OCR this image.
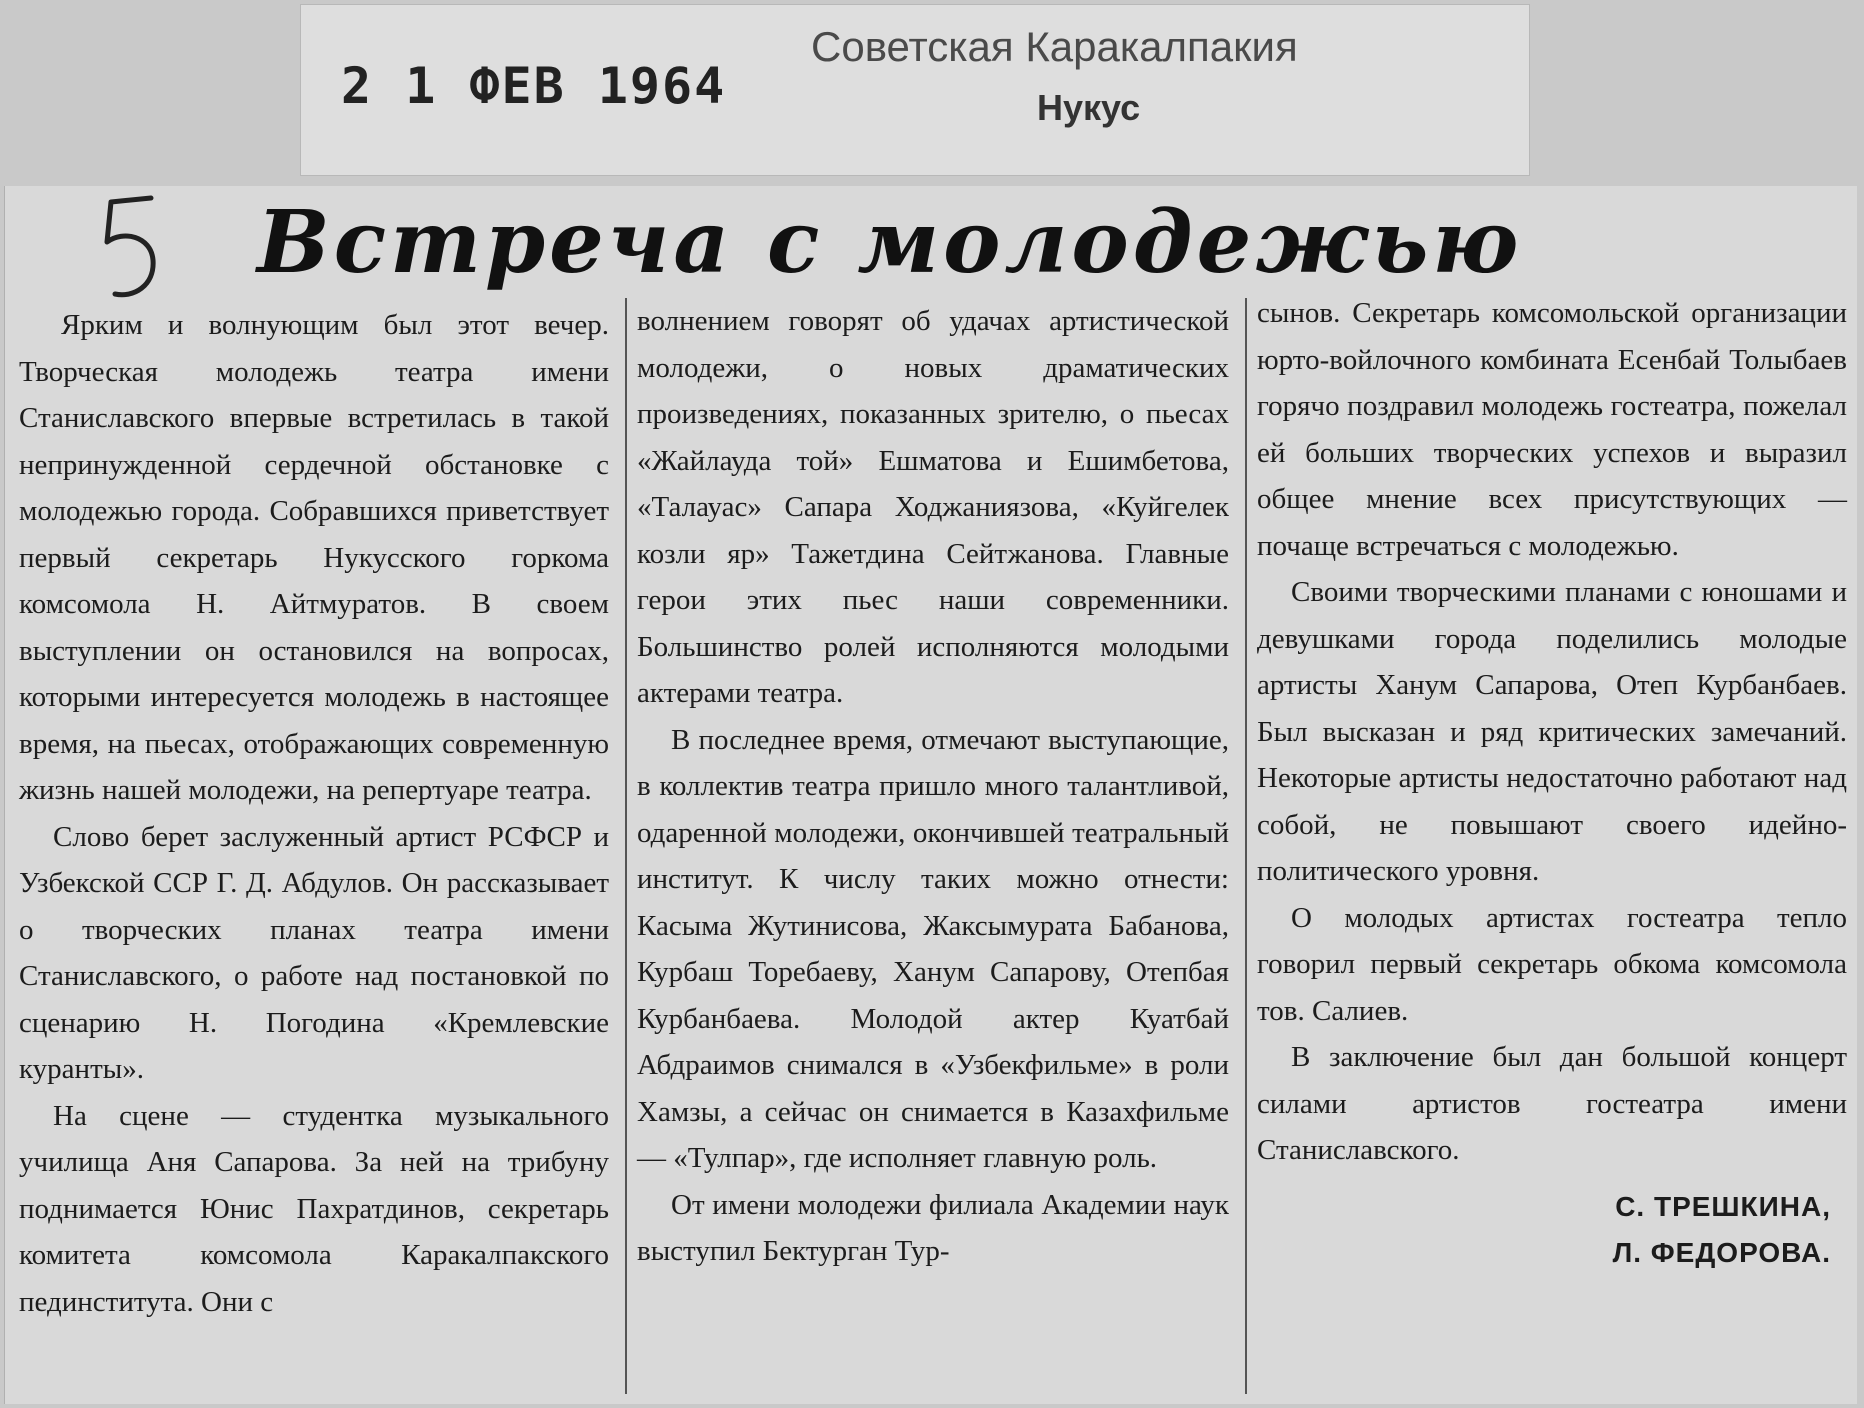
2 1 ФЕВ 1964
Советская Каракалпакия
Нукус
Встреча с молодежью

Ярким и волнующим был этот вечер. Творческая молодежь театра имени Станиславского впервые встретилась в такой непринужденной сердечной обстановке с молодежью города. Собравшихся приветствует первый секретарь Нукусского горкома комсомола Н. Айтмуратов. В своем выступлении он остановился на вопросах, которыми интересуется молодежь в настоящее время, на пьесах, отображающих современную жизнь нашей молодежи, на репертуаре театра.

Слово берет заслуженный артист РСФСР и Узбекской ССР Г. Д. Абдулов. Он рассказывает о творческих планах театра имени Станиславского, о работе над постановкой по сценарию Н. Погодина «Кремлевские куранты».

На сцене — студентка музыкального училища Аня Сапарова. За ней на трибуну поднимается Юнис Пахратдинов, секретарь комитета комсомола Каракалпакского пединститута. Они с

волнением говорят об удачах артистической молодежи, о новых драматических произведениях, показанных зрителю, о пьесах «Жайлауда той» Ешматова и Ешимбетова, «Талауас» Сапара Ходжаниязова, «Куйгелек козли яр» Тажетдина Сейтжанова. Главные герои этих пьес наши современники. Большинство ролей исполняются молодыми актерами театра.

В последнее время, отмечают выступающие, в коллектив театра пришло много талантливой, одаренной молодежи, окончившей театральный институт. К числу таких можно отнести: Касыма Жутинисова, Жаксымурата Бабанова, Курбаш Торебаеву, Ханум Сапарову, Отепбая Курбанбаева. Молодой актер Куатбай Абдраимов снимался в «Узбекфильме» в роли Хамзы, а сейчас он снимается в Казахфильме — «Тулпар», где исполняет главную роль.

От имени молодежи филиала Академии наук выступил Бектурган Тур-

сынов. Секретарь комсомольской организации юрто-войлочного комбината Есенбай Толыбаев горячо поздравил молодежь гостеатра, пожелал ей больших творческих успехов и выразил общее мнение всех присутствующих — почаще встречаться с молодежью.

Своими творческими планами с юношами и девушками города поделились молодые артисты Ханум Сапарова, Отеп Курбанбаев. Был высказан и ряд критических замечаний. Некоторые артисты недостаточно работают над собой, не повышают своего идейно-политического уровня.

О молодых артистах гостеатра тепло говорил первый секретарь обкома комсомола тов. Салиев.

В заключение был дан большой концерт силами артистов гостеатра имени Станиславского.

С. ТРЕШКИНА,
Л. ФЕДОРОВА.
